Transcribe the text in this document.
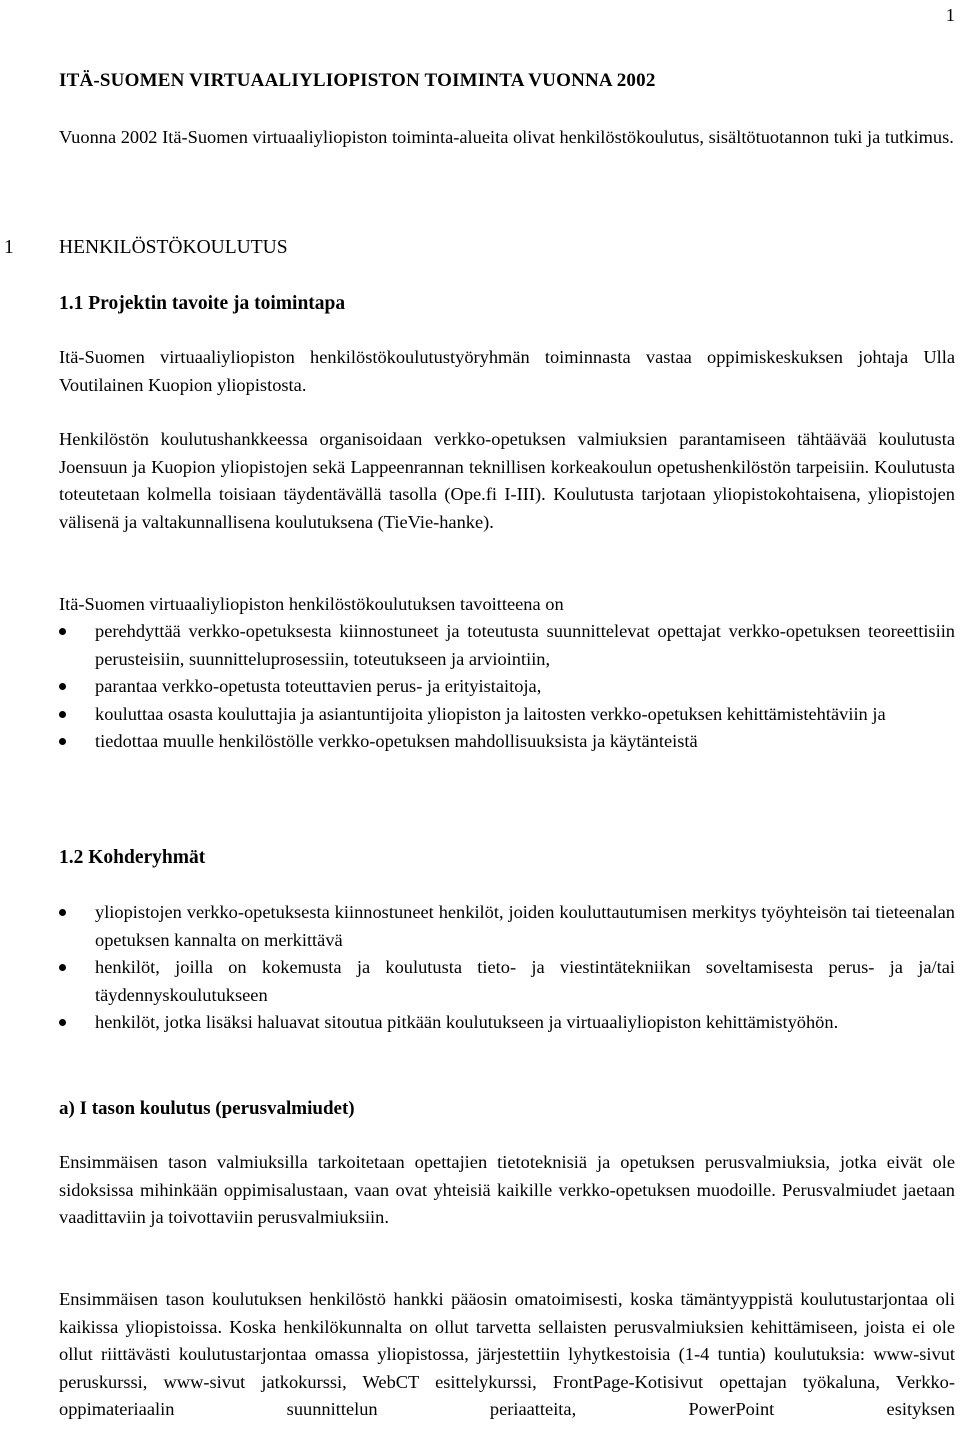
1
ITÄ-SUOMEN VIRTUAALIYLIOPISTON TOIMINTA VUONNA 2002

Vuonna 2002 Itä-Suomen virtuaaliyliopiston toiminta-alueita olivat henkilöstökoulutus, sisältötuotannon tuki ja tutkimus.

1 HENKILÖSTÖKOULUTUS
1.1 Projektin tavoite ja toimintapa

Itä-Suomen virtuaaliyliopiston henkilöstökoulutustyöryhmän toiminnasta vastaa oppimiskeskuksen johtaja Ulla Voutilainen Kuopion yliopistosta.

Henkilöstön koulutushankkeessa organisoidaan verkko-opetuksen valmiuksien parantamiseen tähtäävää koulutusta Joensuun ja Kuopion yliopistojen sekä Lappeenrannan teknillisen korkeakoulun opetushenkilöstön tarpeisiin. Koulutusta toteutetaan kolmella toisiaan täydentävällä tasolla (Ope.fi I-III). Koulutusta tarjotaan yliopistokohtaisena, yliopistojen välisenä ja valtakunnallisena koulutuksena (TieVie-hanke).

Itä-Suomen virtuaaliyliopiston henkilöstökoulutuksen tavoitteena on

perehdyttää verkko-opetuksesta kiinnostuneet ja toteutusta suunnittelevat opettajat verkko-opetuksen teoreettisiin perusteisiin, suunnitteluprosessiin, toteutukseen ja arviointiin,
parantaa verkko-opetusta toteuttavien perus- ja erityistaitoja,
kouluttaa osasta kouluttajia ja asiantuntijoita yliopiston ja laitosten verkko-opetuksen kehittämistehtäviin ja
tiedottaa muulle henkilöstölle verkko-opetuksen mahdollisuuksista ja käytänteistä
1.2 Kohderyhmät
yliopistojen verkko-opetuksesta kiinnostuneet henkilöt, joiden kouluttautumisen merkitys työyhteisön tai tieteenalan opetuksen kannalta on merkittävä
henkilöt, joilla on kokemusta ja koulutusta tieto- ja viestintätekniikan soveltamisesta perus- ja ja/tai täydennyskoulutukseen
henkilöt, jotka lisäksi haluavat sitoutua pitkään koulutukseen ja virtuaaliyliopiston kehittämistyöhön.
a) I tason koulutus (perusvalmiudet)

Ensimmäisen tason valmiuksilla tarkoitetaan opettajien tietoteknisiä ja opetuksen perusvalmiuksia, jotka eivät ole sidoksissa mihinkään oppimisalustaan, vaan ovat yhteisiä kaikille verkko-opetuksen muodoille. Perusvalmiudet jaetaan vaadittaviin ja toivottaviin perusvalmiuksiin.

Ensimmäisen tason koulutuksen henkilöstö hankki pääosin omatoimisesti, koska tämäntyyppistä koulutustarjontaa oli kaikissa yliopistoissa. Koska henkilökunnalta on ollut tarvetta sellaisten perusvalmiuksien kehittämiseen, joista ei ole ollut riittävästi koulutustarjontaa omassa yliopistossa, järjestettiin lyhytkestoisia (1-4 tuntia) koulutuksia: www-sivut peruskurssi, www-sivut jatkokurssi, WebCT esittelykurssi, FrontPage-Kotisivut opettajan työkaluna, Verkko-oppimateriaalin suunnittelun periaatteita, PowerPoint esityksen
